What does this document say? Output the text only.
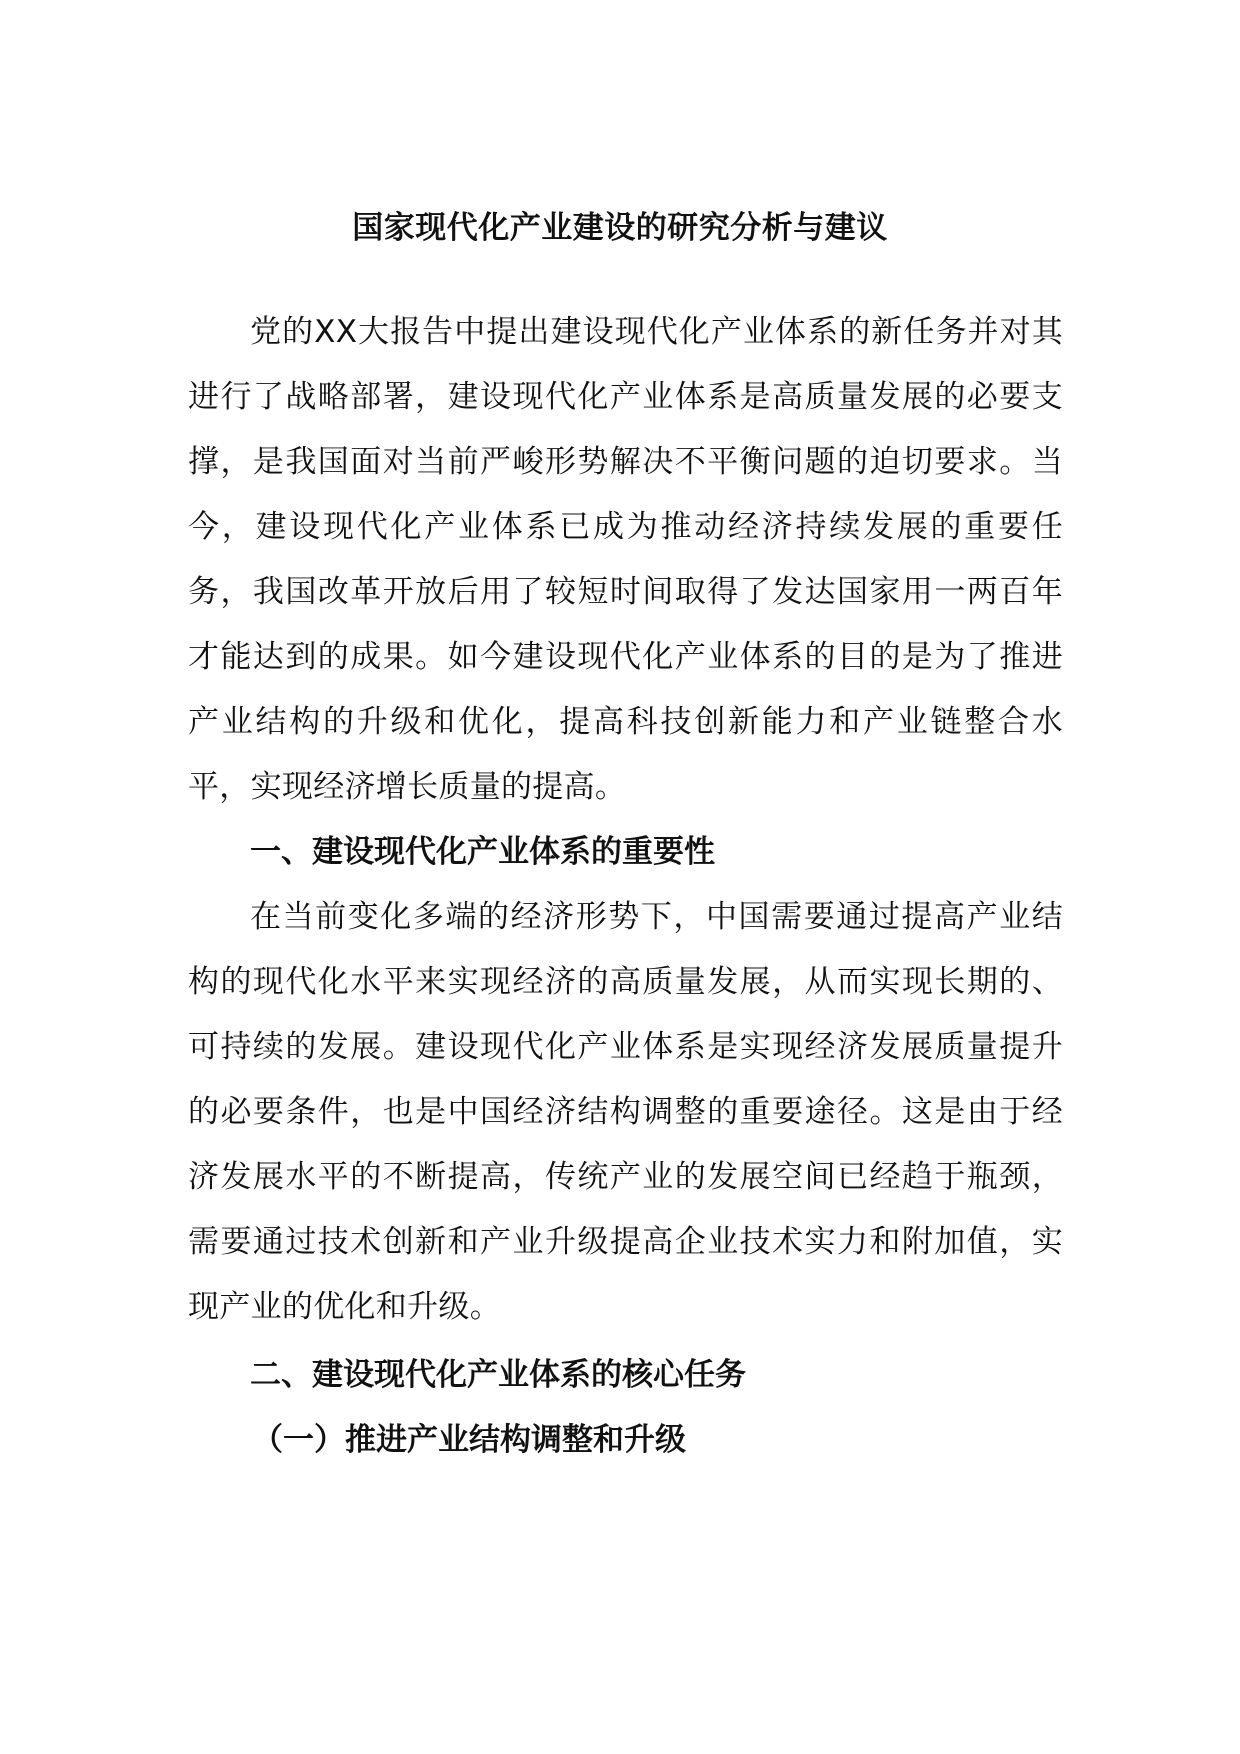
国家现代化产业建设的研究分析与建议

党的XX大报告中提出建设现代化产业体系的新任务并对其进行了战略部署，建设现代化产业体系是高质量发展的必要支撑，是我国面对当前严峻形势解决不平衡问题的迫切要求。当今，建设现代化产业体系已成为推动经济持续发展的重要任务，我国改革开放后用了较短时间取得了发达国家用一两百年才能达到的成果。如今建设现代化产业体系的目的是为了推进产业结构的升级和优化，提高科技创新能力和产业链整合水平，实现经济增长质量的提高。

一、建设现代化产业体系的重要性

在当前变化多端的经济形势下，中国需要通过提高产业结构的现代化水平来实现经济的高质量发展，从而实现长期的、可持续的发展。建设现代化产业体系是实现经济发展质量提升的必要条件，也是中国经济结构调整的重要途径。这是由于经济发展水平的不断提高，传统产业的发展空间已经趋于瓶颈，需要通过技术创新和产业升级提高企业技术实力和附加值，实现产业的优化和升级。

二、建设现代化产业体系的核心任务
（一）推进产业结构调整和升级
